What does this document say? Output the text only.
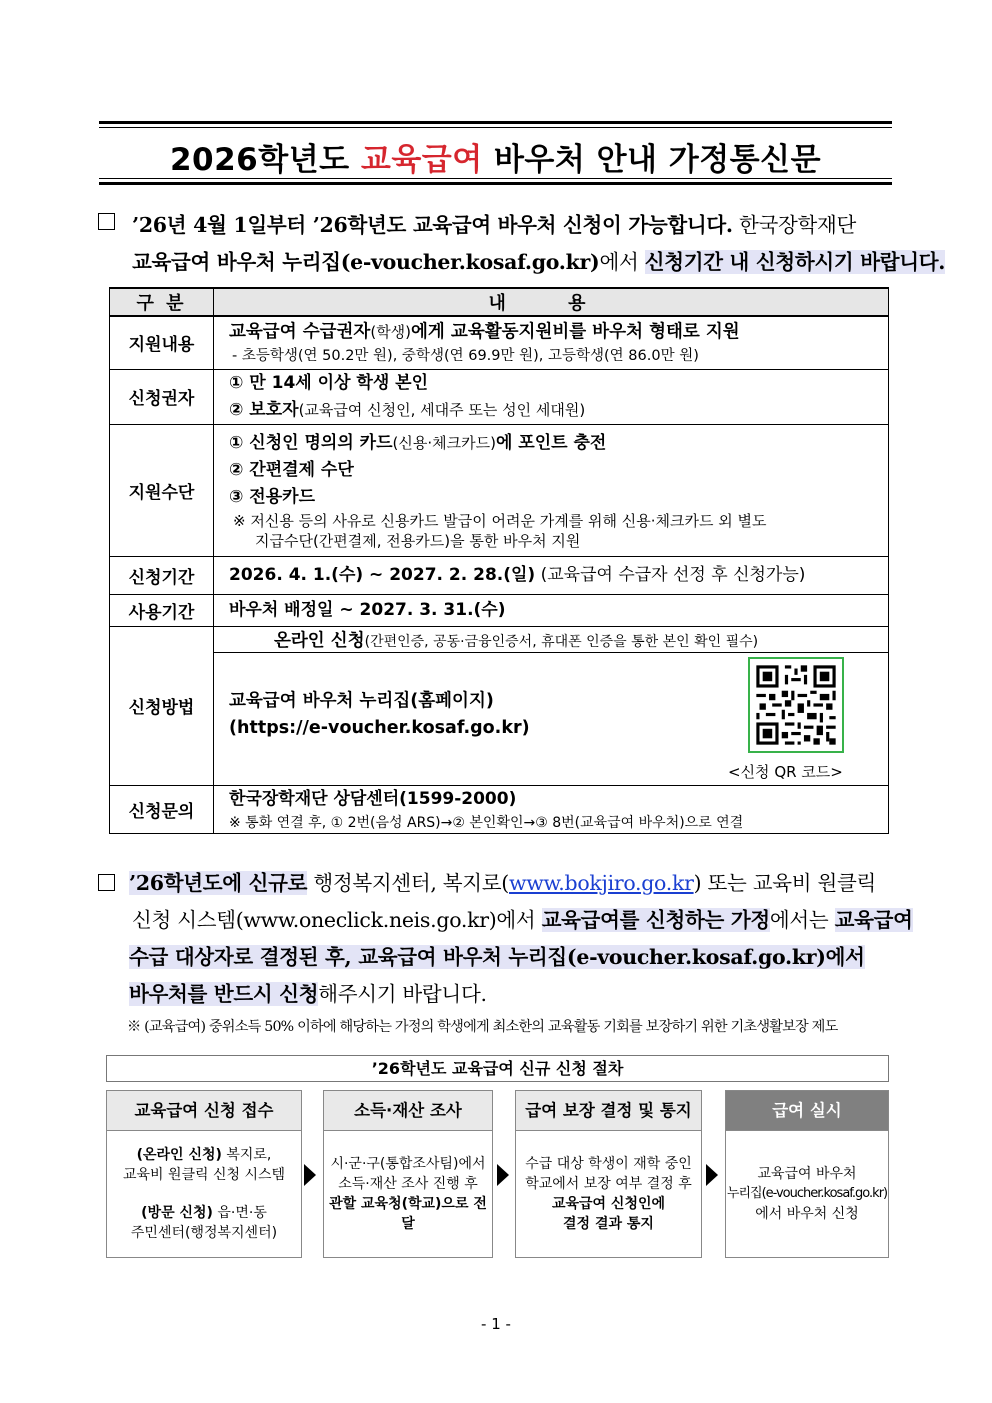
2026학년도 교육급여 바우처 안내 가정통신문
’26년 4월 1일부터 ’26학년도 교육급여 바우처 신청이 가능합니다. 한국장학재단
교육급여 바우처 누리집(e-voucher.kosaf.go.kr)에서 신청기간 내 신청하시기 바랍니다.
구 분	내 용
지원내용	교육급여 수급권자(학생)에게 교육활동지원비를 바우처 형태로 지원
- 초등학생(연 50.2만 원), 중학생(연 69.9만 원), 고등학생(연 86.0만 원)

신청권자	① 만 14세 이상 학생 본인
② 보호자(교육급여 신청인, 세대주 또는 성인 세대원)

지원수단	① 신청인 명의의 카드(신용·체크카드)에 포인트 충전
② 간편결제 수단
③ 전용카드
※ 저신용 등의 사유로 신용카드 발급이 어려운 가계를 위해 신용·체크카드 외 별도
지급수단(간편결제, 전용카드)을 통한 바우처 지원

신청기간	2026. 4. 1.(수) ~ 2027. 2. 28.(일) (교육급여 수급자 선정 후 신청가능)

사용기간	바우처 배정일 ~ 2027. 3. 31.(수)

신청방법	온라인 신청(간편인증, 공동·금융인증서, 휴대폰 인증을 통한 본인 확인 필수)

	교육급여 바우처 누리집(홈페이지)
(https://e-voucher.kosaf.go.kr)
<신청 QR 코드>

신청문의	한국장학재단 상담센터(1599-2000)
※ 통화 연결 후, ① 2번(음성 ARS)→② 본인확인→③ 8번(교육급여 바우처)으로 연결
’26학년도에 신규로 행정복지센터, 복지로(www.bokjiro.go.kr) 또는 교육비 원클릭
신청 시스템(www.oneclick.neis.go.kr)에서 교육급여를 신청하는 가정에서는 교육급여
수급 대상자로 결정된 후, 교육급여 바우처 누리집(e-voucher.kosaf.go.kr)에서
바우처를 반드시 신청해주시기 바랍니다.
※ (교육급여) 중위소득 50% 이하에 해당하는 가정의 학생에게 최소한의 교육활동 기회를 보장하기 위한 기초생활보장 제도
’26학년도 교육급여 신규 신청 절차
교육급여 신청 접수
(온라인 신청) 복지로,
교육비 원클릭 신청 시스템
(방문 신청) 읍·면·동
주민센터(행정복지센터)
소득·재산 조사
시·군·구(통합조사팀)에서
소득·재산 조사 진행 후
관할 교육청(학교)으로 전달
급여 보장 결정 및 통지
수급 대상 학생이 재학 중인
학교에서 보장 여부 결정 후
교육급여 신청인에
결정 결과 통지
급여 실시
교육급여 바우처
누리집(e-voucher.kosaf.go.kr)
에서 바우처 신청
- 1 -
